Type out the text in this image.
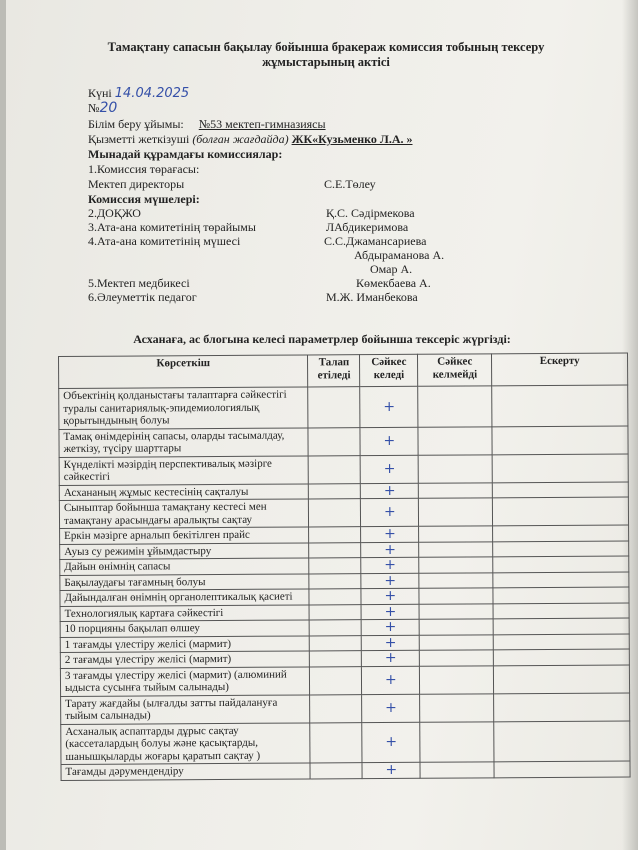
Тамақтану сапасын бақылау бойынша бракераж комиссия тобының тексеру жұмыстарының актісі
Күні 14.04.2025
№20
Білім беру ұйымы: №53 мектеп-гимназиясы
Қызметті жеткізуші (болған жағдайда) ЖК«Кузьменко Л.А. »
Мынадай құрамдағы комиссиялар:
1.Комиссия төрағасы:
Мектеп директоры	С.Е.Төлеу
Комиссия мүшелері:
2.ДОҚЖО	Қ.С. Сәдірмекова
3.Ата-ана комитетінің төрайымы	ЛАбдикеримова
4.Ата-ана комитетінің мүшесі	С.С.Джамансариева
Абдыраманова А.
Омар А.
5.Мектеп медбикесі	Көмекбаева А.
6.Әлеуметтік педагог	М.Ж. Иманбекова
Асханаға, ас блогына келесі параметрлер бойынша тексеріс жүргізді:
Көрсеткіш	Талап етіледі	Сәйкес келеді	Сәйкес келмейді	Ескерту
Объектінің қолданыстағы талаптарға сәйкестігі туралы санитариялық-эпидемиологиялық қорытындының болуы		+		
Тамақ өнімдерінің сапасы, оларды тасымалдау, жеткізу, түсіру шарттары		+		
Күнделікті мәзірдің перспективалық мәзірге сәйкестігі		+		
Асхананың жұмыс кестесінің сақталуы		+		
Сыныптар бойынша тамақтану кестесі мен тамақтану арасындағы аралықты сақтау		+		
Еркін мәзірге арналып бекітілген прайс		+		
Ауыз су режимін ұйымдастыру		+		
Дайын өнімнің сапасы		+		
Бақылаудағы тағамның болуы		+		
Дайындалған өнімнің органолептикалық қасиеті		+		
Технологиялық картаға сәйкестігі		+		
10 порцияны бақылап өлшеу		+		
1 тағамды үлестіру желісі (мармит)		+		
2 тағамды үлестіру желісі (мармит)		+		
3 тағамды үлестіру желісі (мармит) (алюминий ыдыста сусынға тыйым салынады)		+		
Тарату жағдайы (ылғалды затты пайдалануға тыйым салынады)		+		
Асханалық аспаптарды дұрыс сақтау (кассеталардың болуы және қасықтарды, шанышқыларды жоғары қаратып сақтау )		+		
Тағамды дәрумендендіру		+		
